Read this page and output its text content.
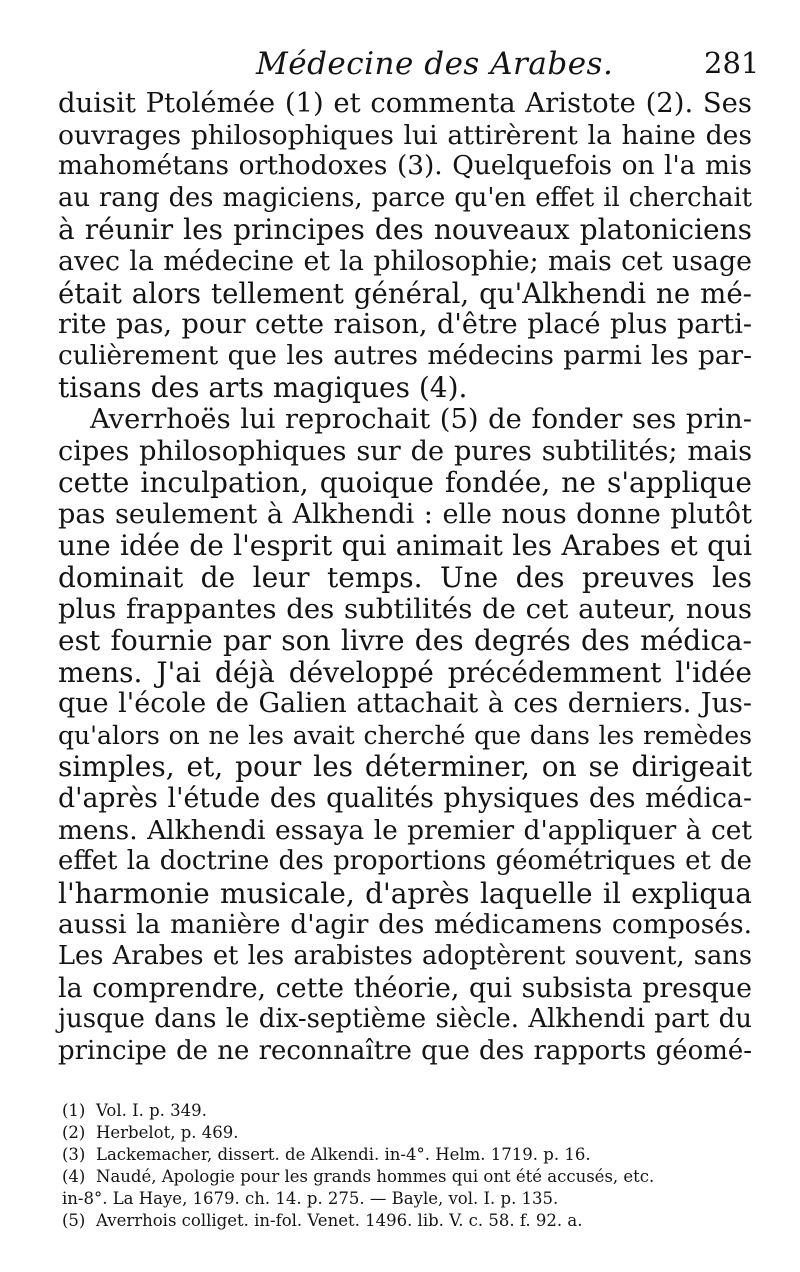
Médecine des Arabes.	281
duisit Ptolémée (1) et commenta Aristote (2). Ses
ouvrages philosophiques lui attirèrent la haine des
mahométans orthodoxes (3). Quelquefois on l'a mis
au rang des magiciens, parce qu'en effet il cherchait
à réunir les principes des nouveaux platoniciens
avec la médecine et la philosophie; mais cet usage
était alors tellement général, qu'Alkhendi ne mé-
rite pas, pour cette raison, d'être placé plus parti-
culièrement que les autres médecins parmi les par-
tisans des arts magiques (4).
Averrhoës lui reprochait (5) de fonder ses prin-
cipes philosophiques sur de pures subtilités; mais
cette inculpation, quoique fondée, ne s'applique
pas seulement à Alkhendi : elle nous donne plutôt
une idée de l'esprit qui animait les Arabes et qui
dominait de leur temps. Une des preuves les
plus frappantes des subtilités de cet auteur, nous
est fournie par son livre des degrés des médica-
mens. J'ai déjà développé précédemment l'idée
que l'école de Galien attachait à ces derniers. Jus-
qu'alors on ne les avait cherché que dans les remèdes
simples, et, pour les déterminer, on se dirigeait
d'après l'étude des qualités physiques des médica-
mens. Alkhendi essaya le premier d'appliquer à cet
effet la doctrine des proportions géométriques et de
l'harmonie musicale, d'après laquelle il expliqua
aussi la manière d'agir des médicamens composés.
Les Arabes et les arabistes adoptèrent souvent, sans
la comprendre, cette théorie, qui subsista presque
jusque dans le dix-septième siècle. Alkhendi part du
principe de ne reconnaître que des rapports géomé-
(1) Vol. I. p. 349.
(2) Herbelot, p. 469.
(3) Lackemacher, dissert. de Alkendi. in-4°. Helm. 1719. p. 16.
(4) Naudé, Apologie pour les grands hommes qui ont été accusés, etc.
in-8°. La Haye, 1679. ch. 14. p. 275. — Bayle, vol. I. p. 135.
(5) Averrhois colliget. in-fol. Venet. 1496. lib. V. c. 58. f. 92. a.
